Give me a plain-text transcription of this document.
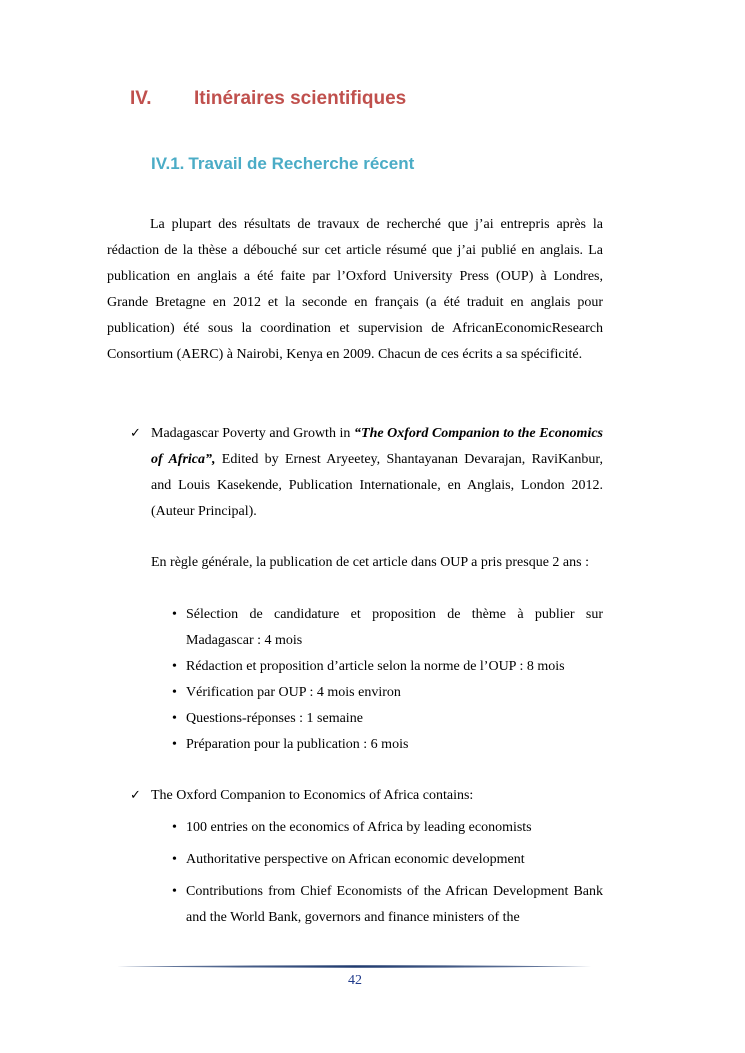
IV. Itinéraires scientifiques
IV.1. Travail de Recherche récent

La plupart des résultats de travaux de recherché que j’ai entrepris après la rédaction de la thèse a débouché sur cet article résumé que j’ai publié en anglais. La publication en anglais a été faite par l’Oxford University Press (OUP) à Londres, Grande Bretagne en 2012 et la seconde en français (a été traduit en anglais pour publication) été sous la coordination et supervision de AfricanEconomicResearch Consortium (AERC) à Nairobi, Kenya en 2009. Chacun de ces écrits a sa spécificité.

✓ Madagascar Poverty and Growth in “The Oxford Companion to the Economics of Africa”, Edited by Ernest Aryeetey, Shantayanan Devarajan, RaviKanbur, and Louis Kasekende, Publication Internationale, en Anglais, London 2012. (Auteur Principal).

En règle générale, la publication de cet article dans OUP a pris presque 2 ans :

• Sélection de candidature et proposition de thème à publier sur Madagascar : 4 mois
• Rédaction et proposition d’article selon la norme de l’OUP : 8 mois
• Vérification par OUP : 4 mois environ
• Questions-réponses : 1 semaine
• Préparation pour la publication : 6 mois
✓ The Oxford Companion to Economics of Africa contains:
• 100 entries on the economics of Africa by leading economists
• Authoritative perspective on African economic development
• Contributions from Chief Economists of the African Development Bank and the World Bank, governors and finance ministers of the
42
